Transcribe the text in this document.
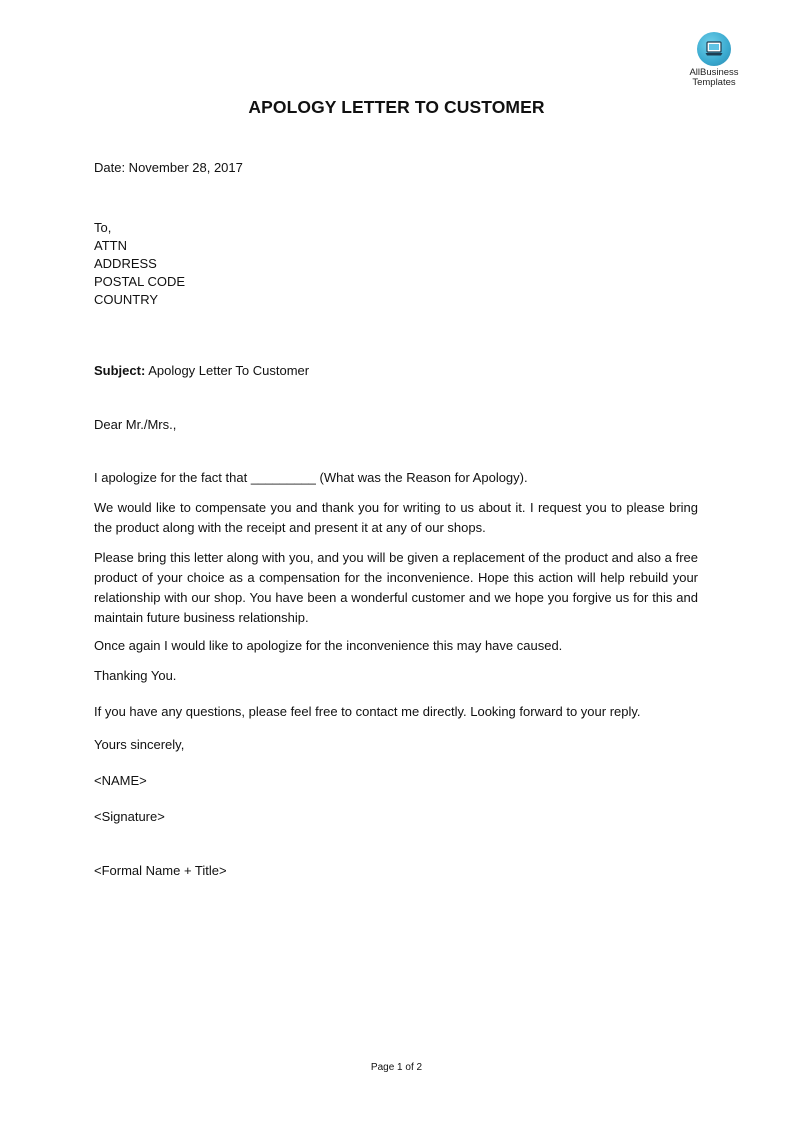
AllBusiness
Templates
APOLOGY LETTER TO CUSTOMER

Date: November 28, 2017

To,

ATTN

ADDRESS

POSTAL CODE

COUNTRY

Subject: Apology Letter To Customer

Dear Mr./Mrs.,

I apologize for the fact that _________ (What was the Reason for Apology).

We would like to compensate you and thank you for writing to us about it. I request you to please bring the product along with the receipt and present it at any of our shops.

Please bring this letter along with you, and you will be given a replacement of the product and also a free product of your choice as a compensation for the inconvenience. Hope this action will help rebuild your relationship with our shop. You have been a wonderful customer and we hope you forgive us for this and maintain future business relationship.

Once again I would like to apologize for the inconvenience this may have caused.

Thanking You.

If you have any questions, please feel free to contact me directly. Looking forward to your reply.

Yours sincerely,

<NAME>

<Signature>

<Formal Name + Title>

Page 1 of 2
